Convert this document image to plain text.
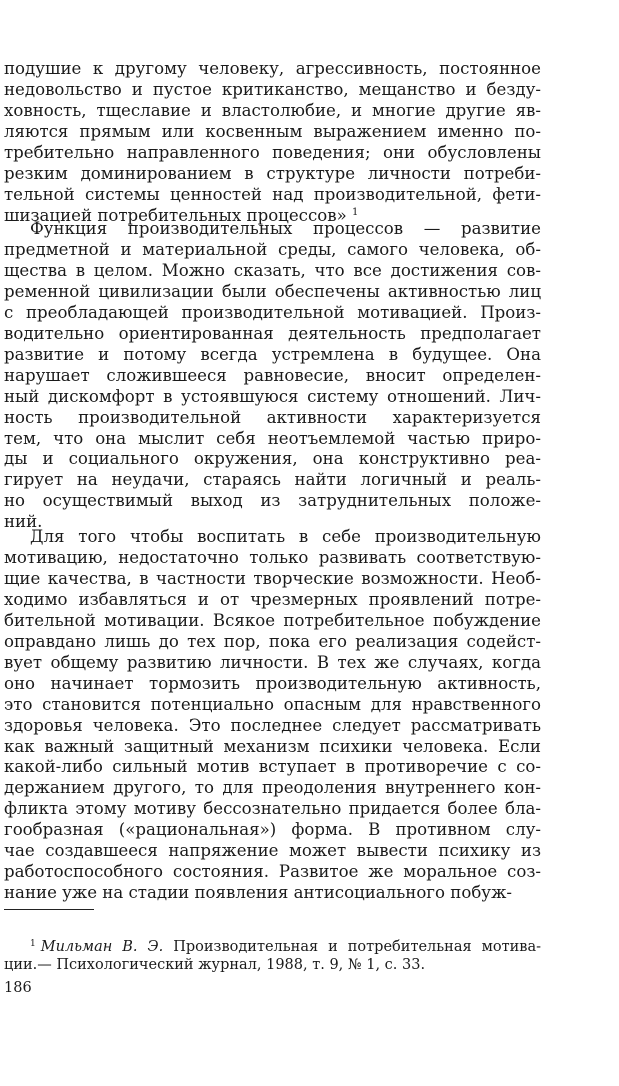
подушие к другому человеку, агрессивность, постоянное
недовольство и пустое критиканство, мещанство и безду-
ховность, тщеславие и властолюбие, и многие другие яв-
ляются прямым или косвенным выражением именно по-
требительно направленного поведения; они обусловлены
резким доминированием в структуре личности потреби-
тельной системы ценностей над производительной, фети-
шизацией потребительных процессов» $^1$
Функция производительных процессов — развитие
предметной и материальной среды, самого человека, об-
щества в целом. Можно сказать, что все достижения сов-
ременной цивилизации были обеспечены активностью лиц
с преобладающей производительной мотивацией. Произ-
водительно ориентированная деятельность предполагает
развитие и потому всегда устремлена в будущее. Она
нарушает сложившееся равновесие, вносит определен-
ный дискомфорт в устоявшуюся систему отношений. Лич-
ность производительной активности характеризуется
тем, что она мыслит себя неотъемлемой частью приро-
ды и социального окружения, она конструктивно реа-
гирует на неудачи, стараясь найти логичный и реаль-
но осуществимый выход из затруднительных положе-
ний.
Для того чтобы воспитать в себе производительную
мотивацию, недостаточно только развивать соответствую-
щие качества, в частности творческие возможности. Необ-
ходимо избавляться и от чрезмерных проявлений потре-
бительной мотивации. Всякое потребительное побуждение
оправдано лишь до тех пор, пока его реализация содейст-
вует общему развитию личности. В тех же случаях, когда
оно начинает тормозить производительную активность,
это становится потенциально опасным для нравственного
здоровья человека. Это последнее следует рассматривать
как важный защитный механизм психики человека. Если
какой-либо сильный мотив вступает в противоречие с со-
держанием другого, то для преодоления внутреннего кон-
фликта этому мотиву бессознательно придается более бла-
гообразная («рациональная») форма. В противном слу-
чае создавшееся напряжение может вывести психику из
работоспособного состояния. Развитое же моральное соз-
нание уже на стадии появления антисоциального побуж-
$^1$ Мильман В. Э. Производительная и потребительная мотива-
ции.— Психологический журнал, 1988, т. 9, № 1, с. 33.
186
